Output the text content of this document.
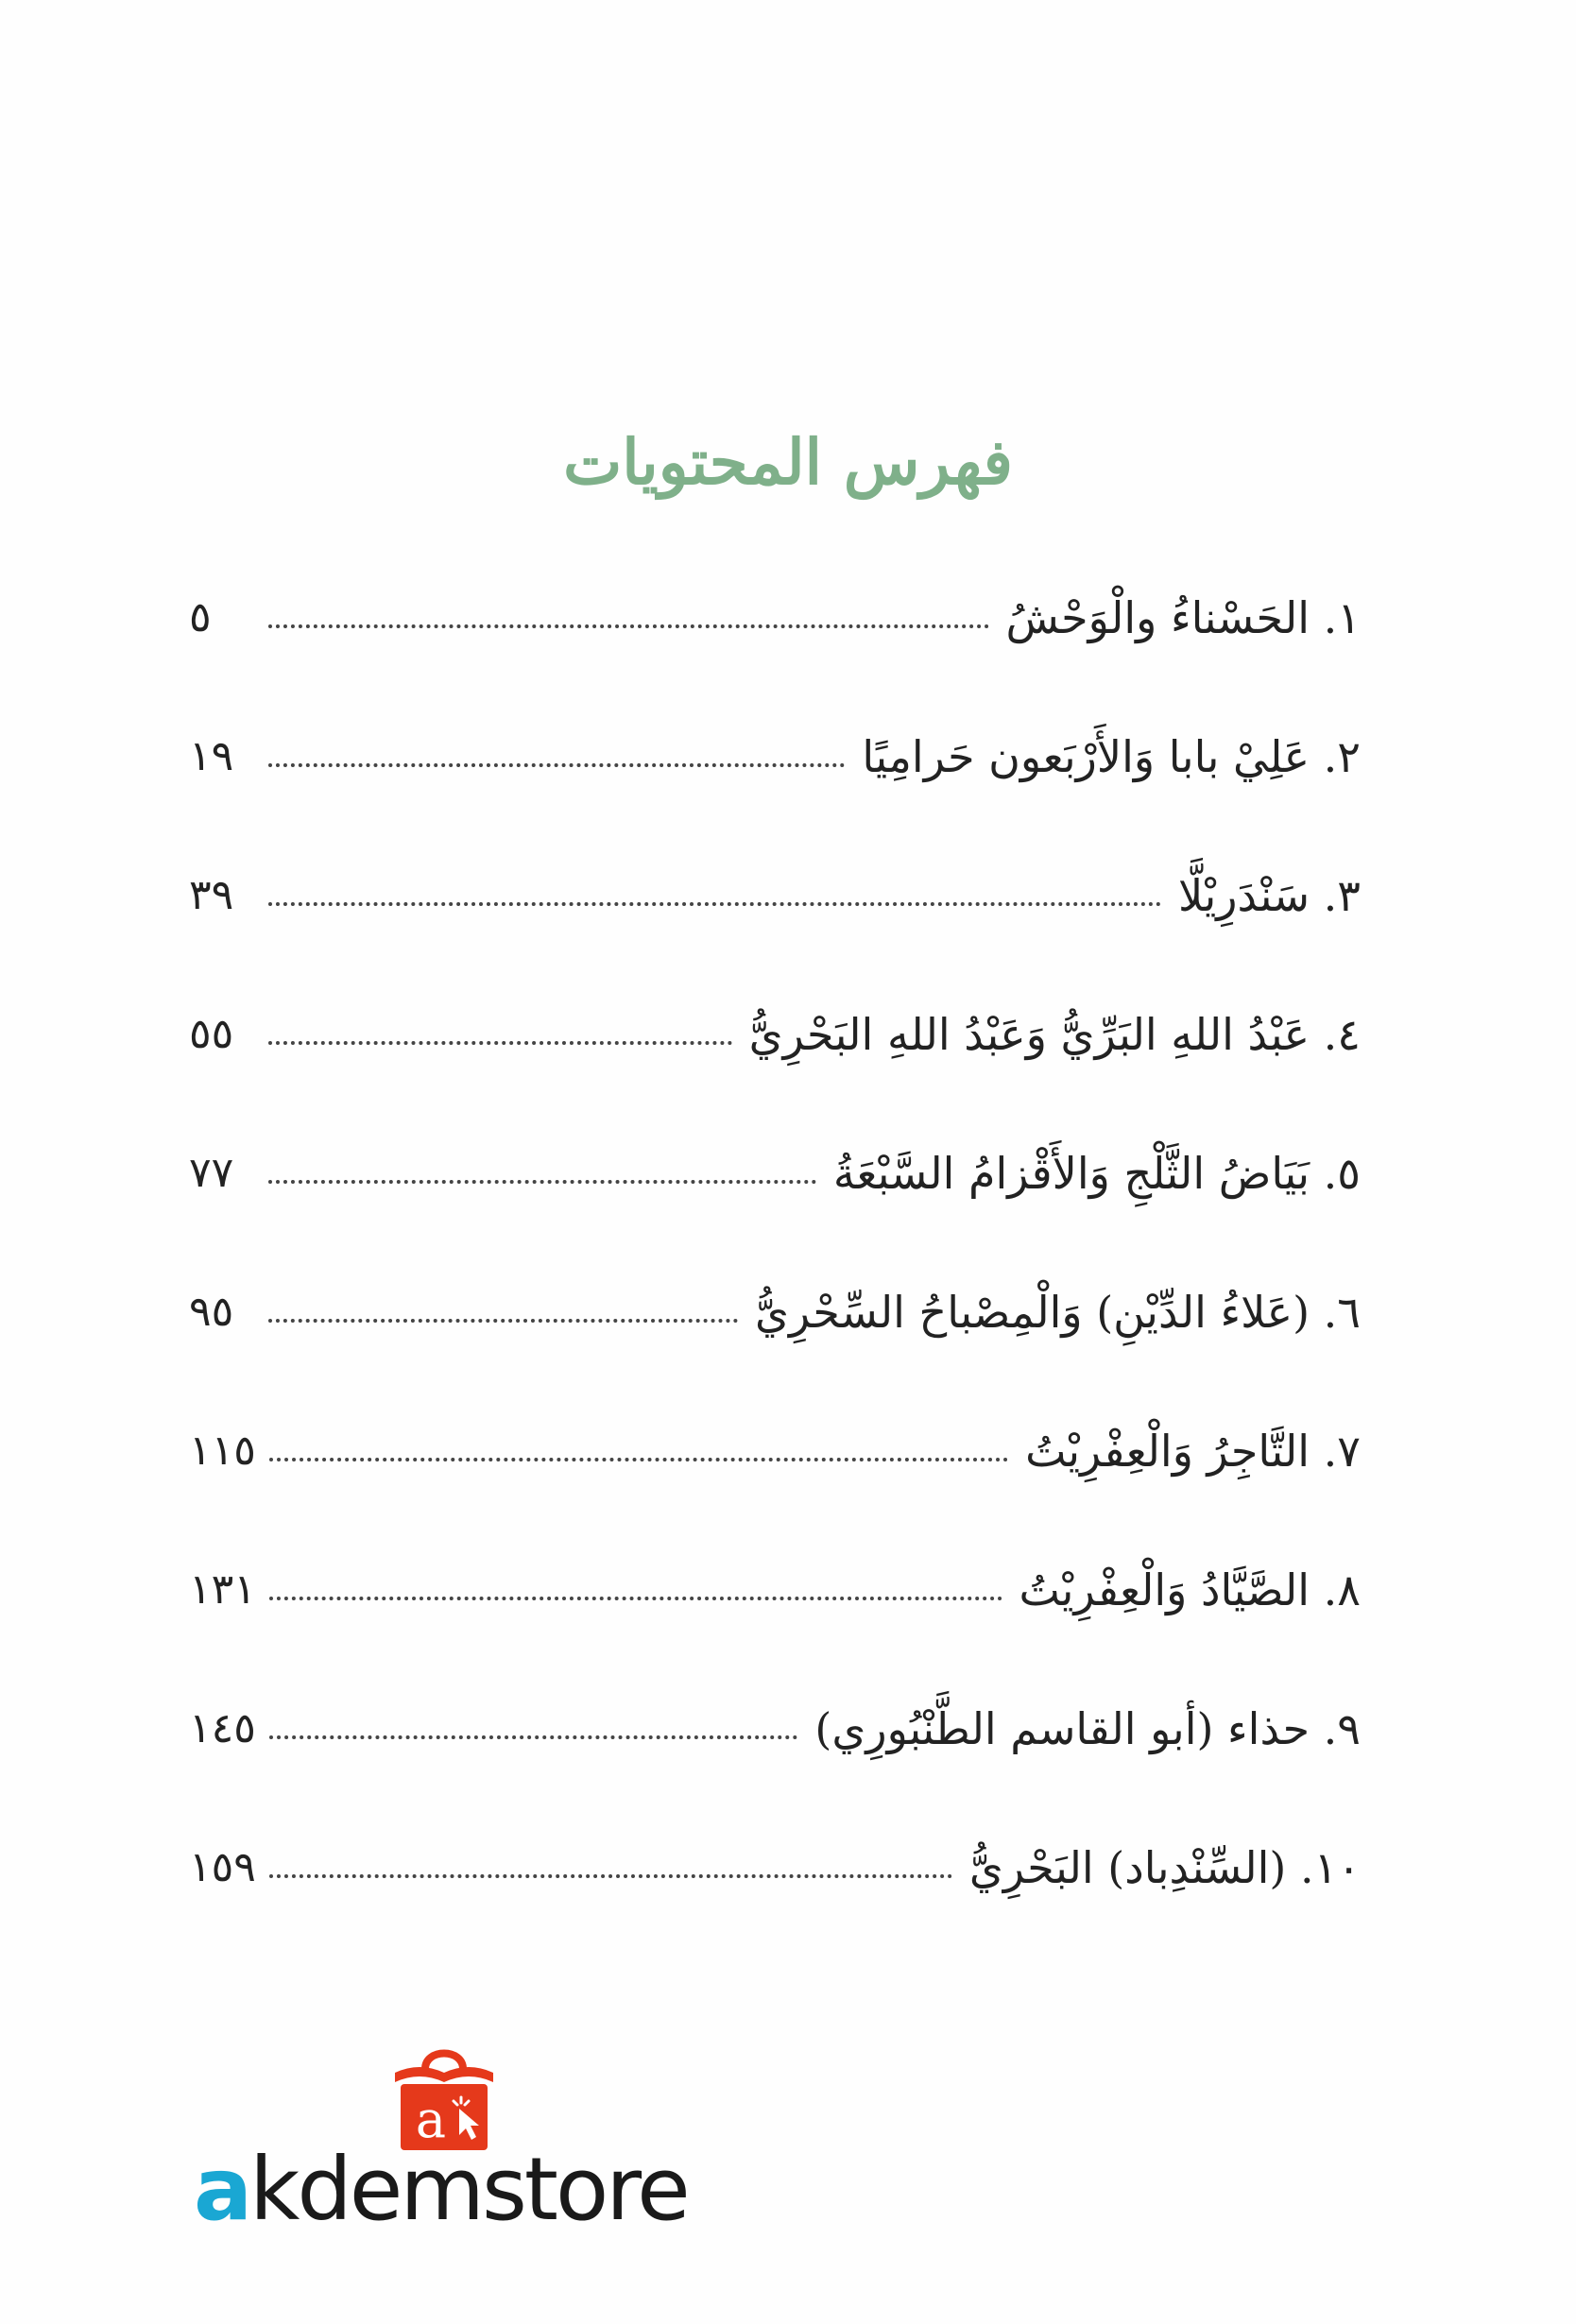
فهرس المحتويات
١. الحَسْناءُ والْوَحْشُ
٥
٢. عَلِيْ بابا وَالأَرْبَعون حَرامِيًا
١٩
٣. سَنْدَرِيْلَّا
٣٩
٤. عَبْدُ اللهِ البَرِّيُّ وَعَبْدُ اللهِ البَحْرِيُّ
٥٥
٥. بَيَاضُ الثَّلْجِ وَالأَقْزامُ السَّبْعَةُ
٧٧
٦. (عَلاءُ الدِّيْنِ) وَالْمِصْباحُ السِّحْرِيُّ
٩٥
٧. التَّاجِرُ وَالْعِفْرِيْتُ
١١٥
٨. الصَّيَّادُ وَالْعِفْرِيْتُ
١٣١
٩. حذاء (أبو القاسم الطَّنْبُورِي)
١٤٥
١٠. (السِّنْدِباد) البَحْرِيُّ
١٥٩
a
akdemstore
